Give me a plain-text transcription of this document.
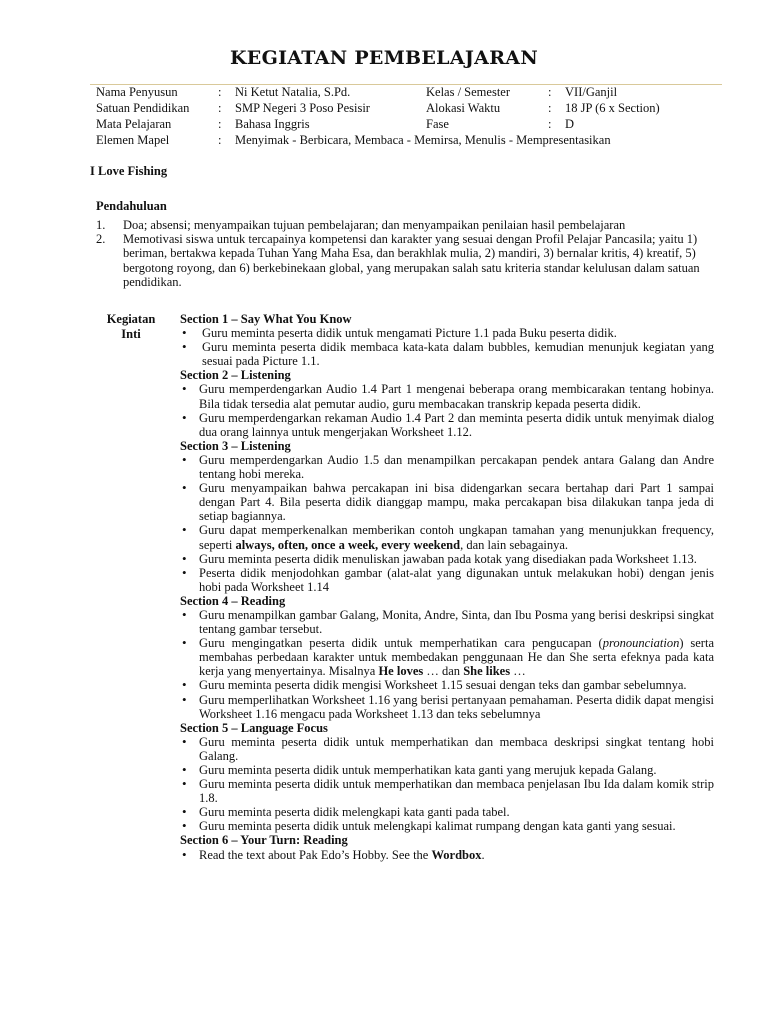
KEGIATAN PEMBELAJARAN
Nama Penyusun	: Ni Ketut Natalia, S.Pd.	Kelas / Semester	: VII/Ganjil
Satuan Pendidikan : SMP Negeri 3 Poso Pesisir	Alokasi Waktu	: 18 JP (6 x Section)
Mata Pelajaran	: Bahasa Inggris	Fase	: D
Elemen Mapel	: Menyimak - Berbicara, Membaca - Memirsa, Menulis - Mempresentasikan
I Love Fishing
Pendahuluan
1. Doa; absensi; menyampaikan tujuan pembelajaran; dan menyampaikan penilaian hasil pembelajaran
2. Memotivasi siswa untuk tercapainya kompetensi dan karakter yang sesuai dengan Profil Pelajar Pancasila; yaitu 1) beriman, bertakwa kepada Tuhan Yang Maha Esa, dan berakhlak mulia, 2) mandiri, 3) bernalar kritis, 4) kreatif, 5) bergotong royong, dan 6) berkebinekaan global, yang merupakan salah satu kriteria standar kelulusan dalam satuan pendidikan.
Kegiatan
Inti
Section 1 – Say What You Know
• Guru meminta peserta didik untuk mengamati Picture 1.1 pada Buku peserta didik.
• Guru meminta peserta didik membaca kata-kata dalam bubbles, kemudian menunjuk kegiatan yang sesuai pada Picture 1.1.
Section 2 – Listening
• Guru memperdengarkan Audio 1.4 Part 1 mengenai beberapa orang membicarakan tentang hobinya. Bila tidak tersedia alat pemutar audio, guru membacakan transkrip kepada peserta didik.
• Guru memperdengarkan rekaman Audio 1.4 Part 2 dan meminta peserta didik untuk menyimak dialog dua orang lainnya untuk mengerjakan Worksheet 1.12.
Section 3 – Listening
• Guru memperdengarkan Audio 1.5 dan menampilkan percakapan pendek antara Galang dan Andre tentang hobi mereka.
• Guru menyampaikan bahwa percakapan ini bisa didengarkan secara bertahap dari Part 1 sampai dengan Part 4. Bila peserta didik dianggap mampu, maka percakapan bisa dilakukan tanpa jeda di setiap bagiannya.
• Guru dapat memperkenalkan memberikan contoh ungkapan tamahan yang menunjukkan frequency, seperti always, often, once a week, every weekend, dan lain sebagainya.
• Guru meminta peserta didik menuliskan jawaban pada kotak yang disediakan pada Worksheet 1.13.
• Peserta didik menjodohkan gambar (alat-alat yang digunakan untuk melakukan hobi) dengan jenis hobi pada Worksheet 1.14
Section 4 – Reading
• Guru menampilkan gambar Galang, Monita, Andre, Sinta, dan Ibu Posma yang berisi deskripsi singkat tentang gambar tersebut.
• Guru mengingatkan peserta didik untuk memperhatikan cara pengucapan (pronounciation) serta membahas perbedaan karakter untuk membedakan penggunaan He dan She serta efeknya pada kata kerja yang menyertainya. Misalnya He loves … dan She likes …
• Guru meminta peserta didik mengisi Worksheet 1.15 sesuai dengan teks dan gambar sebelumnya.
• Guru memperlihatkan Worksheet 1.16 yang berisi pertanyaan pemahaman. Peserta didik dapat mengisi Worksheet 1.16 mengacu pada Worksheet 1.13 dan teks sebelumnya
Section 5 – Language Focus
• Guru meminta peserta didik untuk memperhatikan dan membaca deskripsi singkat tentang hobi Galang.
• Guru meminta peserta didik untuk memperhatikan kata ganti yang merujuk kepada Galang.
• Guru meminta peserta didik untuk memperhatikan dan membaca penjelasan Ibu Ida dalam komik strip 1.8.
• Guru meminta peserta didik melengkapi kata ganti pada tabel.
• Guru meminta peserta didik untuk melengkapi kalimat rumpang dengan kata ganti yang sesuai.
Section 6 – Your Turn: Reading
• Read the text about Pak Edo’s Hobby. See the Wordbox.
